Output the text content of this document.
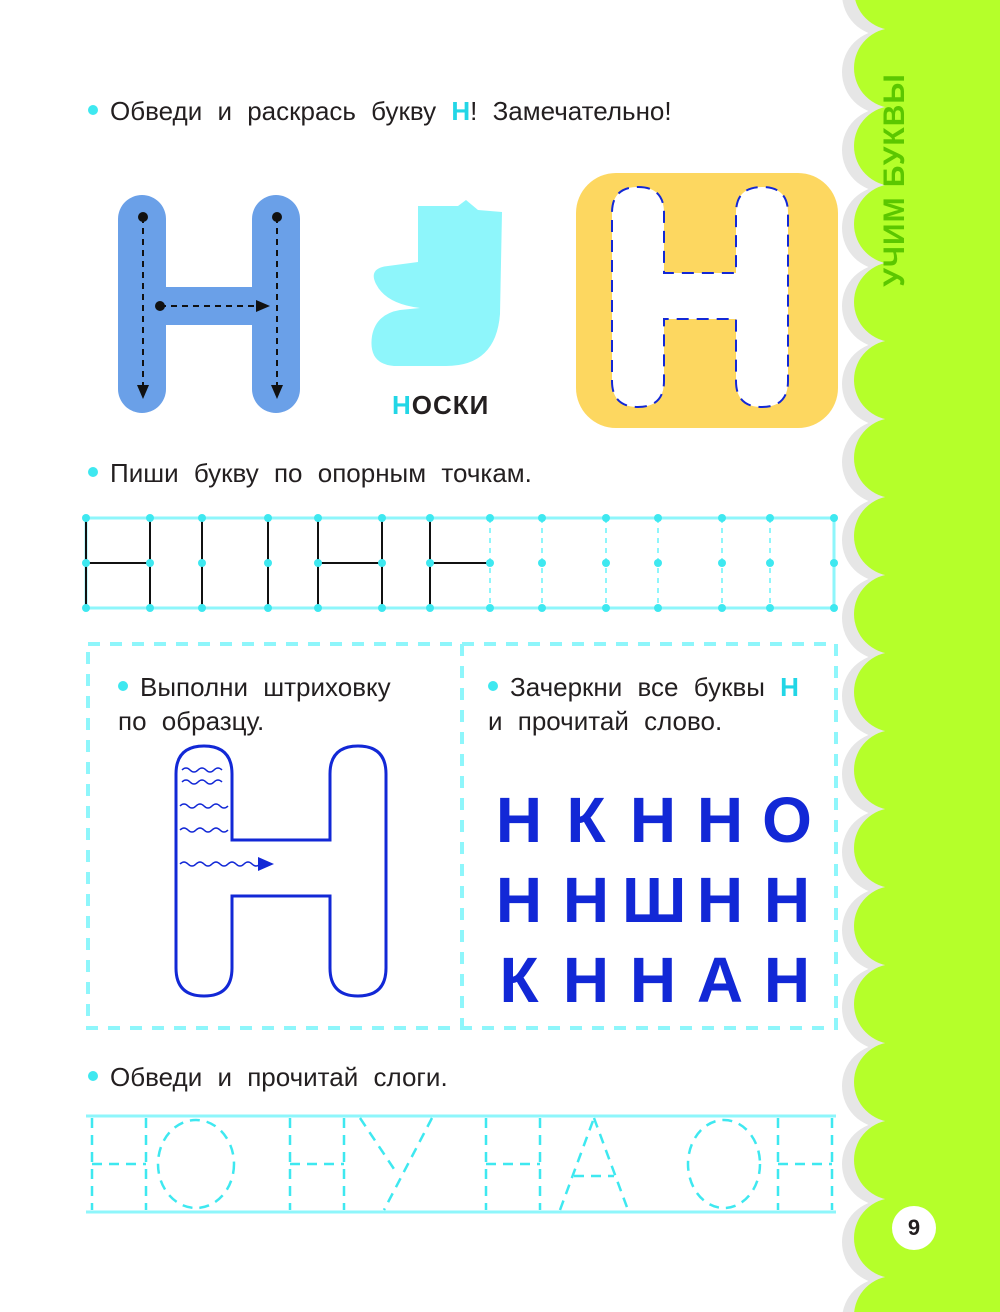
УЧИМ БУКВЫ
9
Обведи и раскрась букву Н! Замечательно!
НОСКИ
Пиши букву по опорным точкам.
Выполни штриховку
по образцу.
Зачеркни все буквы Н
и прочитай слово.
Н К Н Н О
Н Н Ш Н Н
К Н Н А Н
Обведи и прочитай слоги.
